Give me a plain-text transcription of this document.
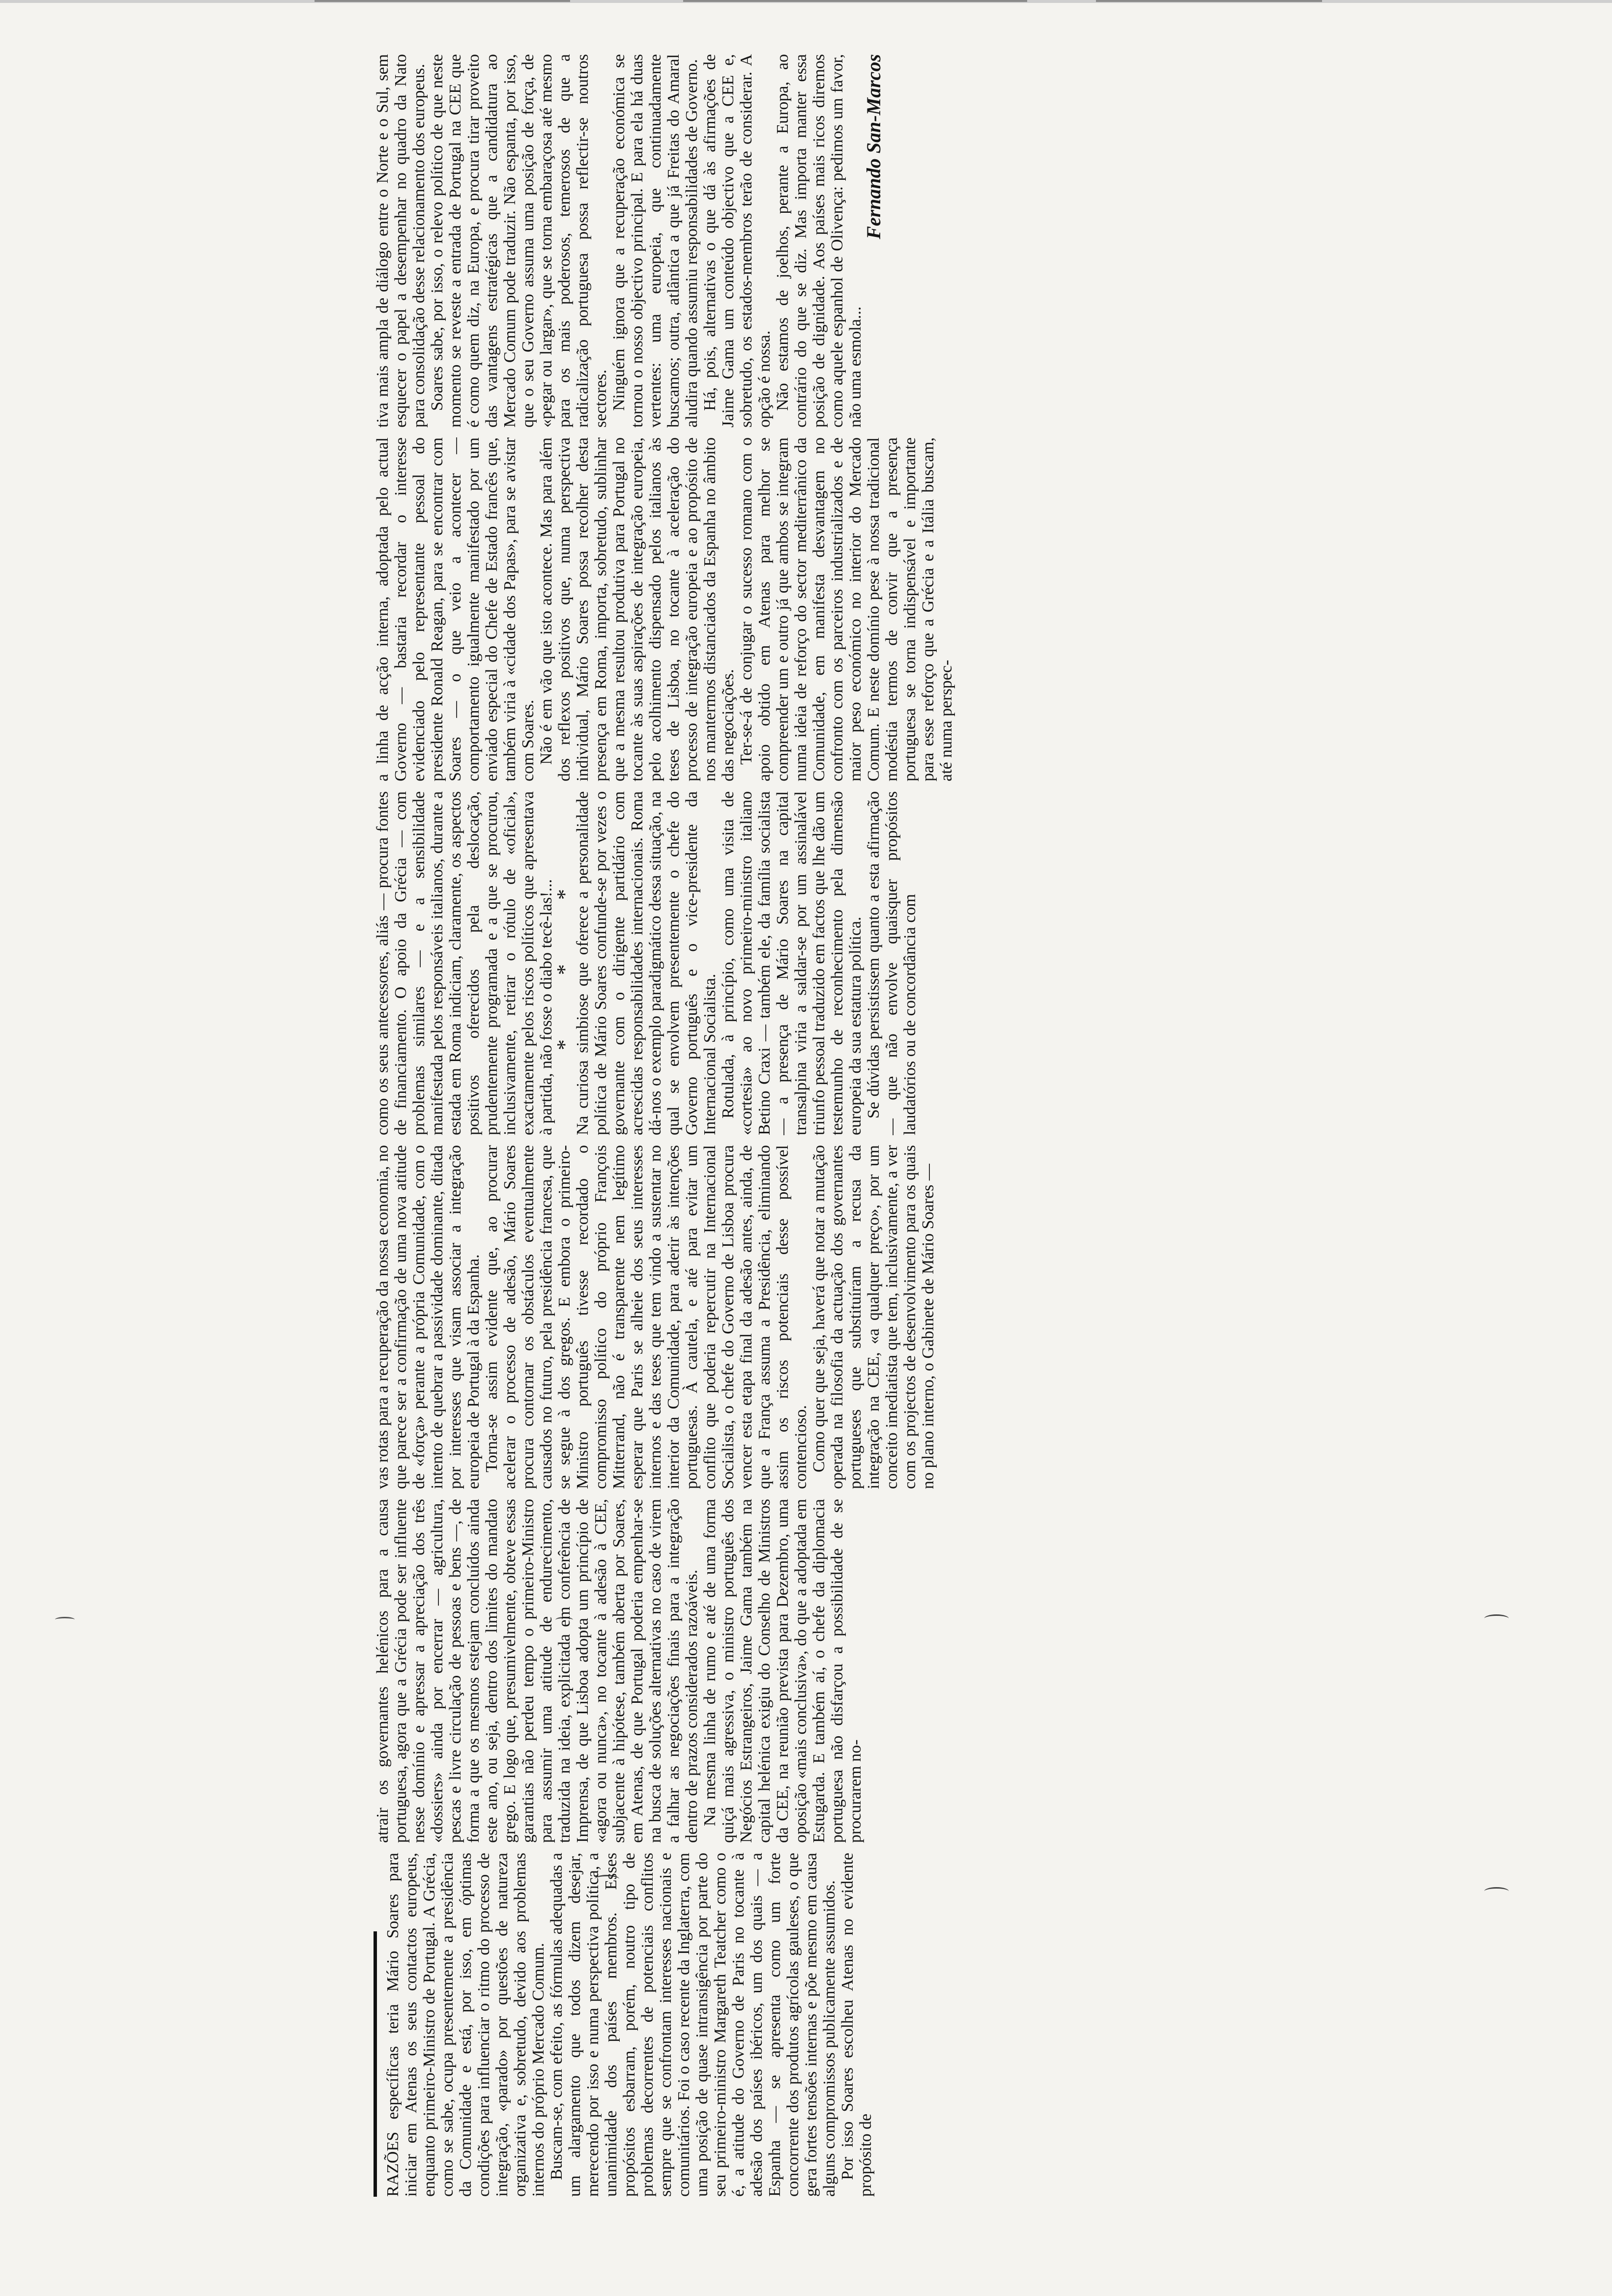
RAZÕES específicas teria Mário Soares para iniciar em Atenas os seus contactos europeus, enquanto primeiro-Ministro de Portugal. A Grécia, como se sabe, ocupa presentemente a presidência da Comunidade e está, por isso, em óptimas condições para influenciar o ritmo do processo de integração, «parado» por questões de natureza organizativa e, sobretudo, devido aos problemas internos do próprio Mercado Comum. Buscam-se, com efeito, as fórmulas adequadas a um alargamento que todos dizem desejar, merecendo por isso e numa perspectiva política, a unanimidade dos países membros. Esses propósitos esbarram, porém, noutro tipo de problemas decorrentes de potenciais conflitos sempre que se confrontam interesses nacionais e comunitários. Foi o caso recente da Inglaterra, com uma posição de quase intransigência por parte do seu primeiro-ministro Margareth Teatcher como o é, a atitude do Governo de Paris no tocante à adesão dos países ibéricos, um dos quais — a Espanha — se apresenta como um forte concorrente dos produtos agrícolas gauleses, o que gera fortes tensões internas e põe mesmo em causa alguns compromissos publicamente assumidos. Por isso Soares escolheu Atenas no evidente propósito de

atrair os governantes helénicos para a causa portuguesa, agora que a Grécia pode ser influente nesse domínio e apressar a apreciação dos três «dossiers» ainda por encerrar — agricultura, pescas e livre circulação de pessoas e bens —, de forma a que os mesmos estejam concluídos ainda este ano, ou seja, dentro dos limites do mandato grego. E logo que, presumivelmente, obteve essas garantias não perdeu tempo o primeiro-Ministro para assumir uma atitude de endurecimento, traduzida na ideia, explicitada em conferência de Imprensa, de que Lisboa adopta um princípio de «agora ou nunca», no tocante à adesão à CEE, subjacente à hipótese, também aberta por Soares, em Atenas, de que Portugal poderia empenhar-se na busca de soluções alternativas no caso de virem a falhar as negociações finais para a integração dentro de prazos considerados razoáveis. Na mesma linha de rumo e até de uma forma quiçá mais agressiva, o ministro português dos Negócios Estrangeiros, Jaime Gama também na capital helénica exigiu do Conselho de Ministros da CEE, na reunião prevista para Dezembro, uma oposição «mais conclusiva», do que a adoptada em Estugarda. E também aí, o chefe da diplomacia portuguesa não disfarçou a possibilidade de se procurarem no-

vas rotas para a recuperação da nossa economia, no que parece ser a confirmação de uma nova atitude de «força» perante a própria Comunidade, com o intento de quebrar a passividade dominante, ditada por interesses que visam associar a integração europeia de Portugal à da Espanha. Torna-se assim evidente que, ao procurar acelerar o processo de adesão, Mário Soares procura contornar os obstáculos eventualmente causados no futuro, pela presidência francesa, que se segue à dos gregos. E embora o primeiro-Ministro português tivesse recordado o compromisso político do próprio François Mitterrand, não é transparente nem legítimo esperar que Paris se alheie dos seus interesses internos e das teses que tem vindo a sustentar no interior da Comunidade, para aderir às intenções portuguesas. À cautela, e até para evitar um conflito que poderia repercutir na Internacional Socialista, o chefe do Governo de Lisboa procura vencer esta etapa final da adesão antes, ainda, de que a França assuma a Presidência, eliminando assim os riscos potenciais desse possível contencioso. Como quer que seja, haverá que notar a mutação operada na filosofia da actuação dos governantes portugueses que substituíram a recusa da integração na CEE, «a qualquer preço», por um conceito imediatista que tem, inclusivamente, a ver com os projectos de desenvolvimento para os quais no plano interno, o Gabinete de Mário Soares —

como os seus antecessores, aliás — procura fontes de financiamento. O apoio da Grécia — com problemas similares — e a sensibilidade manifestada pelos responsáveis italianos, durante a estada em Roma indiciam, claramente, os aspectos positivos oferecidos pela deslocação, prudentemente programada e a que se procurou, inclusivamente, retirar o rótulo de «oficial», exactamente pelos riscos políticos que apresentava à partida, não fosse o diabo tecê-las!...

* * *

Na curiosa simbiose que oferece a personalidade política de Mário Soares confunde-se por vezes o governante com o dirigente partidário com acrescidas responsabilidades internacionais. Roma dá-nos o exemplo paradigmático dessa situação, na qual se envolvem presentemente o chefe do Governo português e o vice-presidente da Internacional Socialista. Rotulada, à princípio, como uma visita de «cortesia» ao novo primeiro-ministro italiano Betino Craxi — também ele, da família socialista — a presença de Mário Soares na capital transalpina viria a saldar-se por um assinalável triunfo pessoal traduzido em factos que lhe dão um testemunho de reconhecimento pela dimensão europeia da sua estatura política. Se dúvidas persistissem quanto a esta afirmação — que não envolve quaisquer propósitos laudatórios ou de concordância com

a linha de acção interna, adoptada pelo actual Governo — bastaria recordar o interesse evidenciado pelo representante pessoal do presidente Ronald Reagan, para se encontrar com Soares — o que veio a acontecer — comportamento igualmente manifestado por um enviado especial do Chefe de Estado francês que, também viria à «cidade dos Papas», para se avistar com Soares. Não é em vão que isto acontece. Mas para além dos reflexos positivos que, numa perspectiva individual, Mário Soares possa recolher desta presença em Roma, importa, sobretudo, sublinhar que a mesma resultou produtiva para Portugal no tocante às suas aspirações de integração europeia, pelo acolhimento dispensado pelos italianos às teses de Lisboa, no tocante à aceleração do processo de integração europeia e ao propósito de nos mantermos distanciados da Espanha no âmbito das negociações. Ter-se-á de conjugar o sucesso romano com o apoio obtido em Atenas para melhor se compreender um e outro já que ambos se integram numa ideia de reforço do sector mediterrânico da Comunidade, em manifesta desvantagem no confronto com os parceiros industrializados e de maior peso económico no interior do Mercado Comum. E neste domínio pese à nossa tradicional modéstia termos de convir que a presença portuguesa se torna indispensável e importante para esse reforço que a Grécia e a Itália buscam, até numa perspec-

tiva mais ampla de diálogo entre o Norte e o Sul, sem esquecer o papel a desempenhar no quadro da Nato para consolidação desse relacionamento dos europeus. Soares sabe, por isso, o relevo político de que neste momento se reveste a entrada de Portugal na CEE que é como quem diz, na Europa, e procura tirar proveito das vantagens estratégicas que a candidatura ao Mercado Comum pode traduzir. Não espanta, por isso, que o seu Governo assuma uma posição de força, de «pegar ou largar», que se torna embaraçosa até mesmo para os mais poderosos, temerosos de que a radicalização portuguesa possa reflectir-se noutros sectores. Ninguém ignora que a recuperação económica se tornou o nosso objectivo principal. E para ela há duas vertentes: uma europeia, que continuadamente buscamos; outra, atlântica a que já Freitas do Amaral aludira quando assumiu responsabilidades de Governo. Há, pois, alternativas o que dá às afirmações de Jaime Gama um conteúdo objectivo que a CEE e, sobretudo, os estados-membros terão de considerar. A opção é nossa. Não estamos de joelhos, perante a Europa, ao contrário do que se diz. Mas importa manter essa posição de dignidade. Aos países mais ricos diremos como aquele espanhol de Olivença: pedimos um favor, não uma esmola...

Fernando San-Marcos
